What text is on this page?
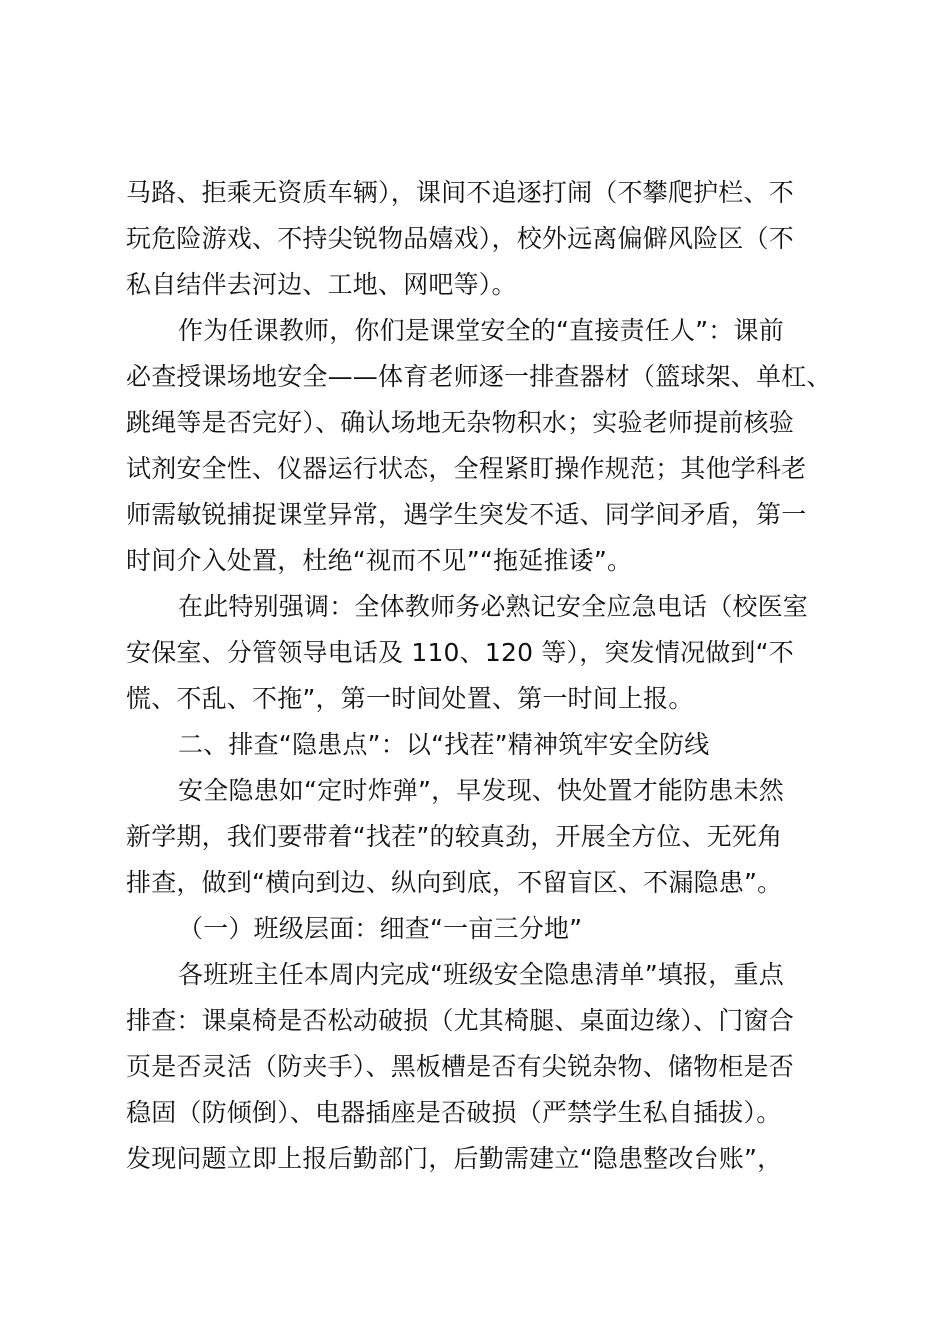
马路、拒乘无资质车辆），课间不追逐打闹（不攀爬护栏、不
玩危险游戏、不持尖锐物品嬉戏），校外远离偏僻风险区（不
私自结伴去河边、工地、网吧等）。
作为任课教师，你们是课堂安全的“直接责任人”：课前
必查授课场地安全——体育老师逐一排查器材（篮球架、单杠、
跳绳等是否完好）、确认场地无杂物积水；实验老师提前核验
试剂安全性、仪器运行状态，全程紧盯操作规范；其他学科老
师需敏锐捕捉课堂异常，遇学生突发不适、同学间矛盾，第一
时间介入处置，杜绝“视而不见”“拖延推诿”。
在此特别强调：全体教师务必熟记安全应急电话（校医室
安保室、分管领导电话及 110、120 等），突发情况做到“不
慌、不乱、不拖”，第一时间处置、第一时间上报。
二、排查“隐患点”：以“找茬”精神筑牢安全防线
安全隐患如“定时炸弹”，早发现、快处置才能防患未然
新学期，我们要带着“找茬”的较真劲，开展全方位、无死角
排查，做到“横向到边、纵向到底，不留盲区、不漏隐患”。
（一）班级层面：细查“一亩三分地”
各班班主任本周内完成“班级安全隐患清单”填报，重点
排查：课桌椅是否松动破损（尤其椅腿、桌面边缘）、门窗合
页是否灵活（防夹手）、黑板槽是否有尖锐杂物、储物柜是否
稳固（防倾倒）、电器插座是否破损（严禁学生私自插拔）。
发现问题立即上报后勤部门，后勤需建立“隐患整改台账”，
